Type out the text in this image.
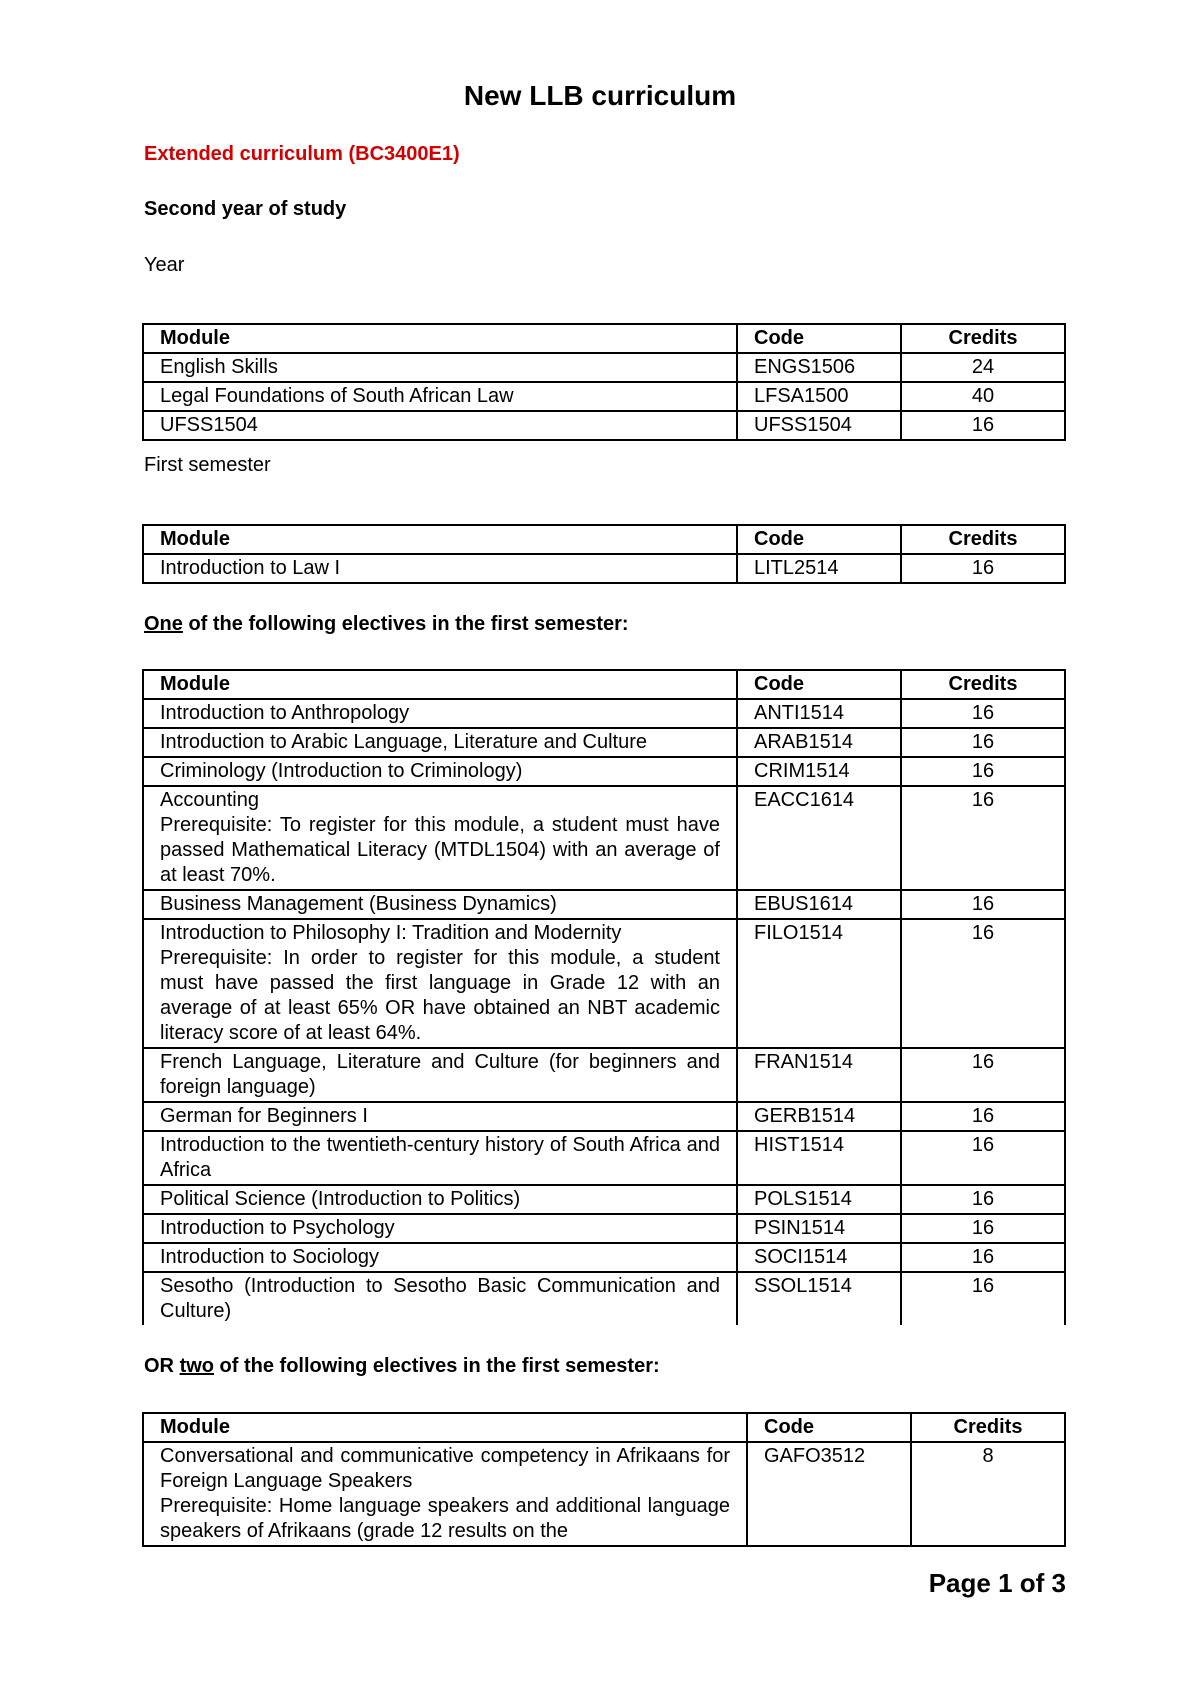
New LLB curriculum
Extended curriculum (BC3400E1)
Second year of study
Year
Module	Code	Credits

English Skills	ENGS1506	24

Legal Foundations of South African Law	LFSA1500	40

UFSS1504	UFSS1504	16
First semester
Module	Code	Credits

Introduction to Law I	LITL2514	16
One of the following electives in the first semester:
Module	Code	Credits

Introduction to Anthropology	ANTI1514	16

Introduction to Arabic Language, Literature and Culture	ARAB1514	16

Criminology (Introduction to Criminology)	CRIM1514	16

Accounting
Prerequisite: To register for this module, a student must have passed Mathematical Literacy (MTDL1504) with an average of at least 70%.	EACC1614	16

Business Management (Business Dynamics)	EBUS1614	16

Introduction to Philosophy I: Tradition and Modernity
Prerequisite: In order to register for this module, a student must have passed the first language in Grade 12 with an average of at least 65% OR have obtained an NBT academic literacy score of at least 64%.	FILO1514	16

French Language, Literature and Culture (for beginners and foreign language)	FRAN1514	16

German for Beginners I	GERB1514	16

Introduction to the twentieth-century history of South Africa and Africa	HIST1514	16

Political Science (Introduction to Politics)	POLS1514	16

Introduction to Psychology	PSIN1514	16

Introduction to Sociology	SOCI1514	16

Sesotho (Introduction to Sesotho Basic Communication and Culture)	SSOL1514	16
OR two of the following electives in the first semester:
Module	Code	Credits

Conversational and communicative competency in Afrikaans for Foreign Language Speakers
Prerequisite: Home language speakers and additional language speakers of Afrikaans (grade 12 results on the	GAFO3512	8
Page 1 of 3
